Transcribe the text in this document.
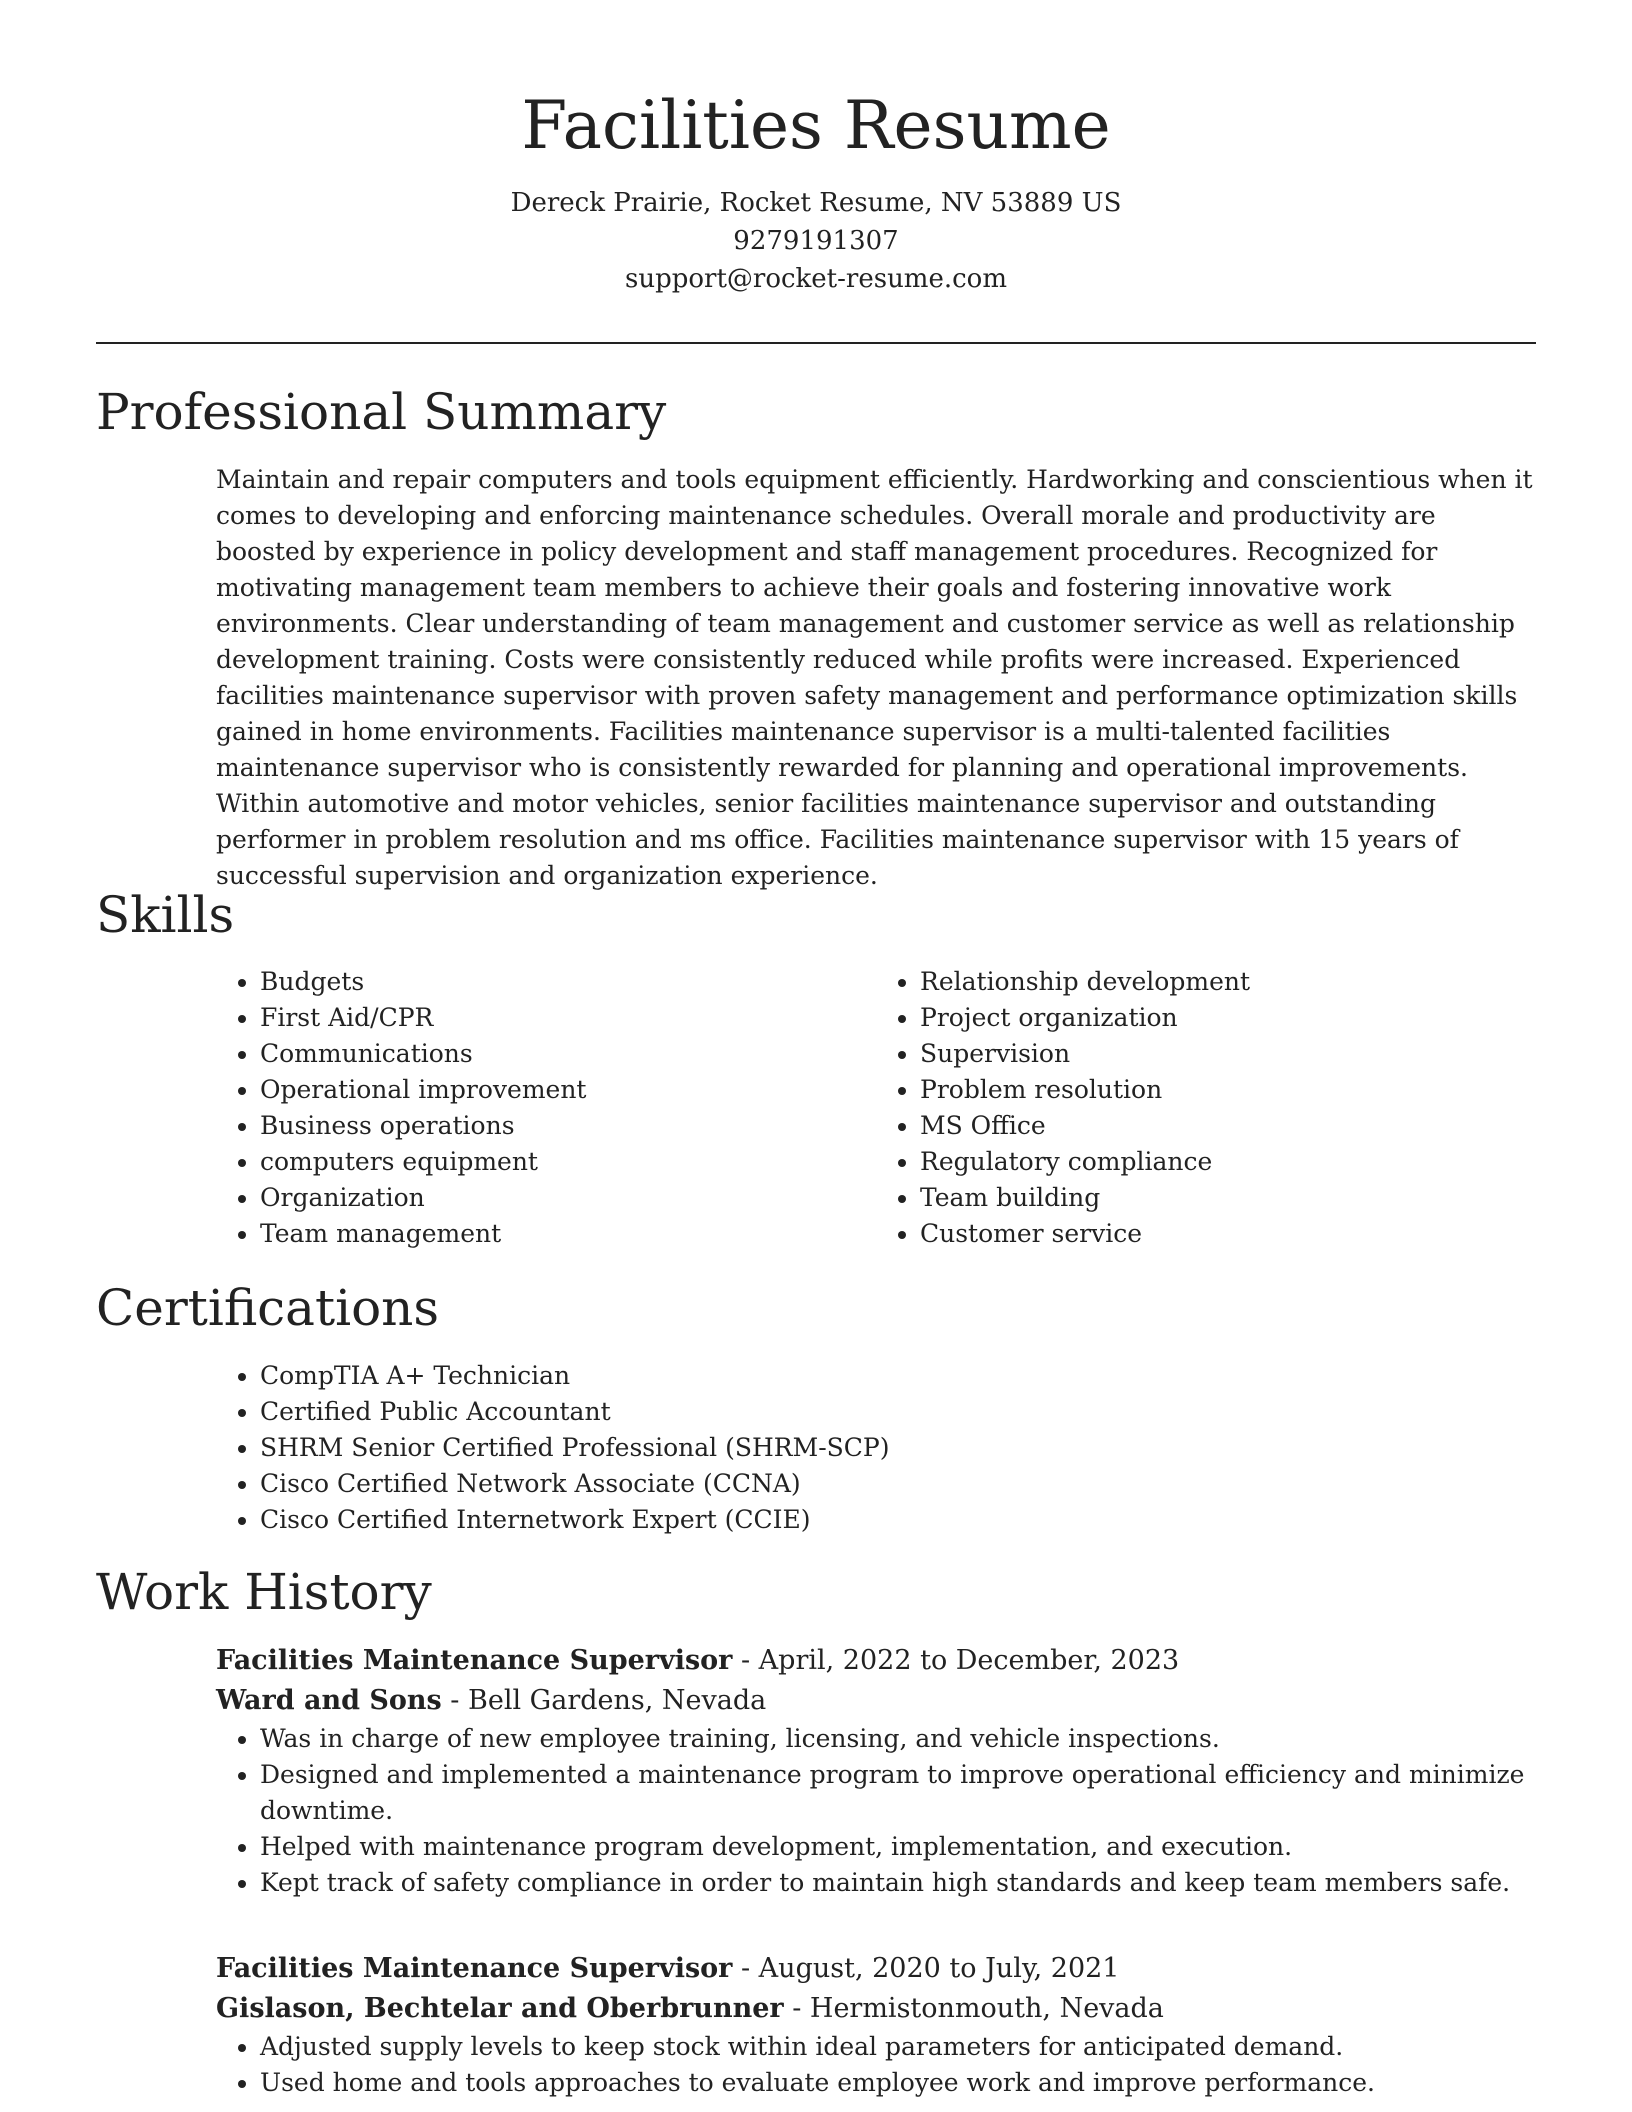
Facilities Resume
Dereck Prairie, Rocket Resume, NV 53889 US
9279191307
support@rocket-resume.com
Professional Summary

Maintain and repair computers and tools equipment efficiently. Hardworking and conscientious when it comes to developing and enforcing maintenance schedules. Overall morale and productivity are boosted by experience in policy development and staff management procedures. Recognized for motivating management team members to achieve their goals and fostering innovative work environments. Clear understanding of team management and customer service as well as relationship development training. Costs were consistently reduced while profits were increased. Experienced facilities maintenance supervisor with proven safety management and performance optimization skills gained in home environments. Facilities maintenance supervisor is a multi-talented facilities maintenance supervisor who is consistently rewarded for planning and operational improvements. Within automotive and motor vehicles, senior facilities maintenance supervisor and outstanding performer in problem resolution and ms office. Facilities maintenance supervisor with 15 years of successful supervision and organization experience.

Skills
• Budgets
• First Aid/CPR
• Communications
• Operational improvement
• Business operations
• computers equipment
• Organization
• Team management
• Relationship development
• Project organization
• Supervision
• Problem resolution
• MS Office
• Regulatory compliance
• Team building
• Customer service
Certifications
• CompTIA A+ Technician
• Certified Public Accountant
• SHRM Senior Certified Professional (SHRM-SCP)
• Cisco Certified Network Associate (CCNA)
• Cisco Certified Internetwork Expert (CCIE)
Work History
Facilities Maintenance Supervisor - April, 2022 to December, 2023
Ward and Sons - Bell Gardens, Nevada
• Was in charge of new employee training, licensing, and vehicle inspections.
• Designed and implemented a maintenance program to improve operational efficiency and minimize downtime.
• Helped with maintenance program development, implementation, and execution.
• Kept track of safety compliance in order to maintain high standards and keep team members safe.
Facilities Maintenance Supervisor - August, 2020 to July, 2021
Gislason, Bechtelar and Oberbrunner - Hermistonmouth, Nevada
• Adjusted supply levels to keep stock within ideal parameters for anticipated demand.
• Used home and tools approaches to evaluate employee work and improve performance.
